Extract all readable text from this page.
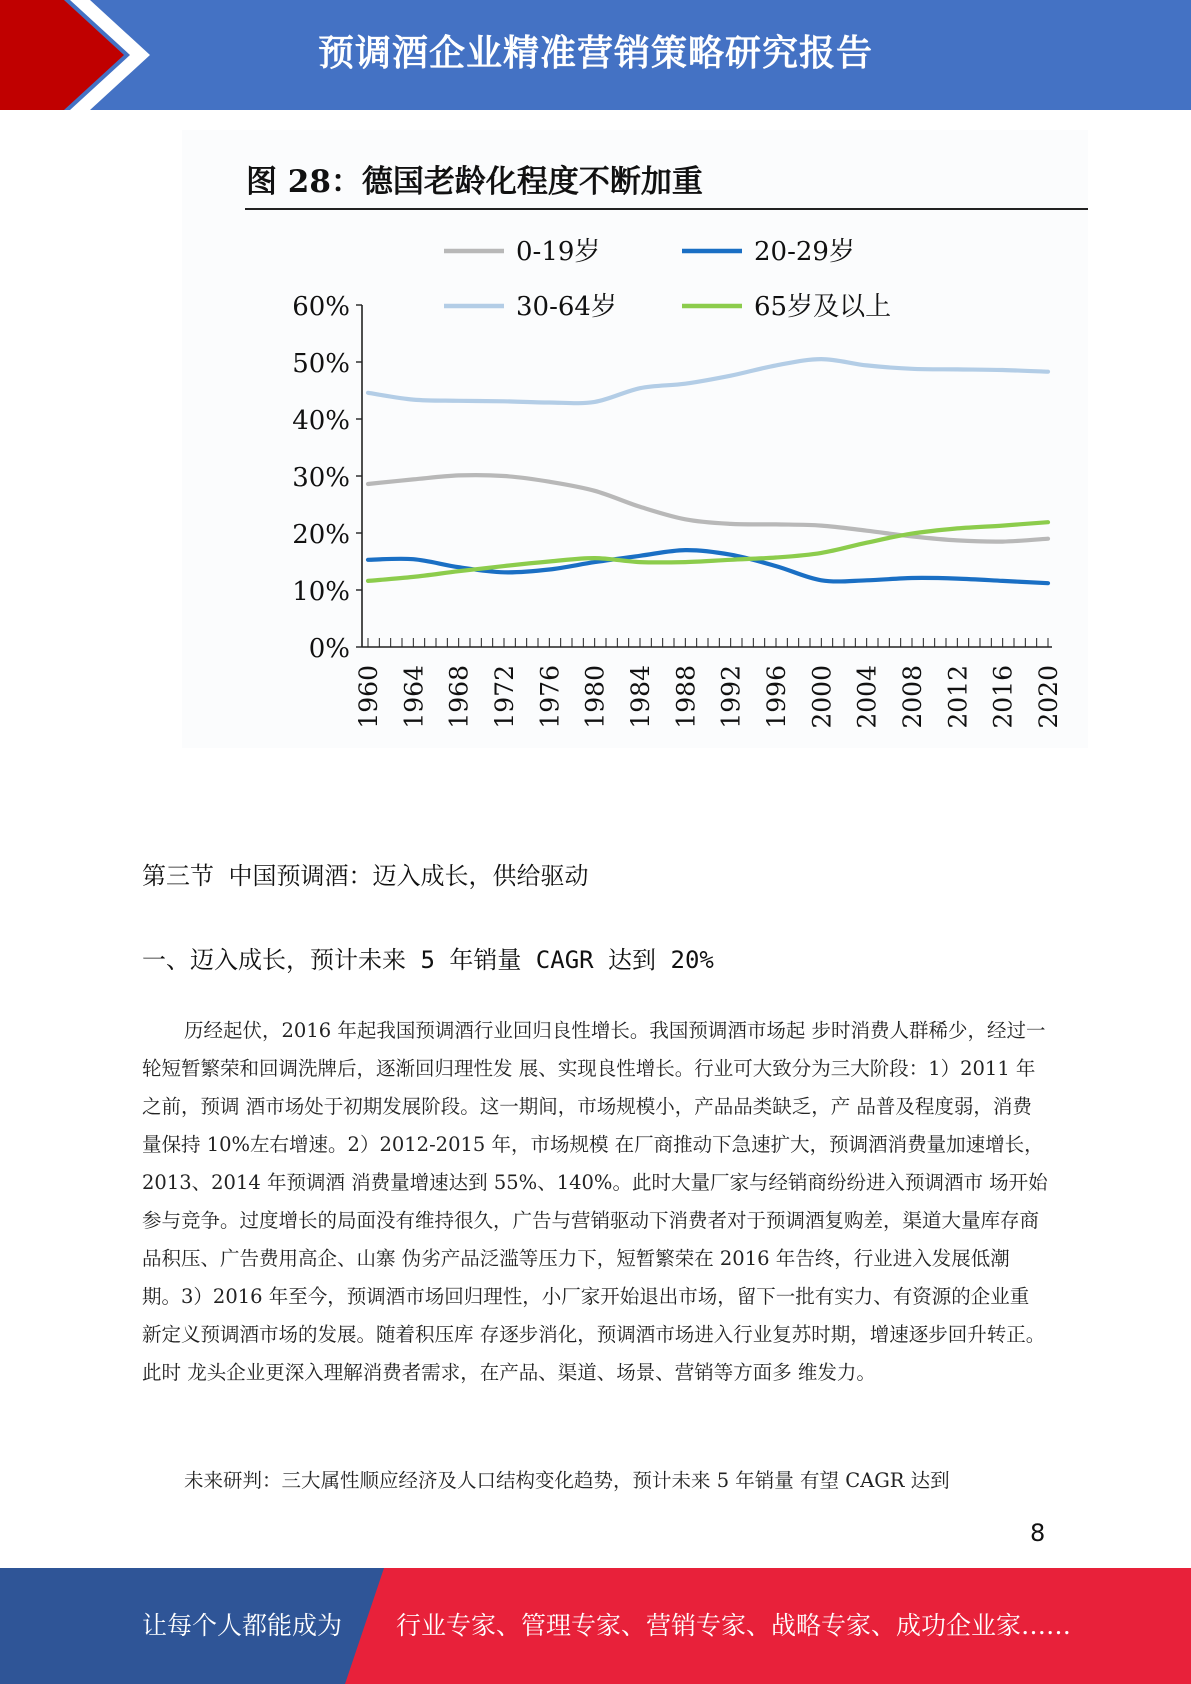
预调酒企业精准营销策略研究报告
图 28：德国老龄化程度不断加重
60%
50%
40%
30%
20%
10%
0%
1960 1964 1968 1972 1976 1980 1984 1988 1992 1996 2000 2004 2008 2012 2016 2020
0-19岁	20-29岁
30-64岁	65岁及以上
第三节 中国预调酒：迈入成长，供给驱动
一、迈入成长，预计未来 5 年销量 CAGR 达到 20%

历经起伏，2016 年起我国预调酒行业回归良性增长。我国预调酒市场起 步时消费人群稀少，经过一轮短暂繁荣和回调洗牌后，逐渐回归理性发 展、实现良性增长。行业可大致分为三大阶段：1）2011 年之前，预调 酒市场处于初期发展阶段。这一期间，市场规模小，产品品类缺乏，产 品普及程度弱，消费量保持 10%左右增速。2）2012-2015 年，市场规模 在厂商推动下急速扩大，预调酒消费量加速增长，2013、2014 年预调酒 消费量增速达到 55%、140%。此时大量厂家与经销商纷纷进入预调酒市 场开始参与竞争。过度增长的局面没有维持很久，广告与营销驱动下消费者对于预调酒复购差，渠道大量库存商品积压、广告费用高企、山寨 伪劣产品泛滥等压力下，短暂繁荣在 2016 年告终，行业进入发展低潮 期。3）2016 年至今，预调酒市场回归理性，小厂家开始退出市场，留下一批有实力、有资源的企业重新定义预调酒市场的发展。随着积压库 存逐步消化，预调酒市场进入行业复苏时期，增速逐步回升转正。此时 龙头企业更深入理解消费者需求，在产品、渠道、场景、营销等方面多 维发力。

未来研判：三大属性顺应经济及人口结构变化趋势，预计未来 5 年销量 有望 CAGR 达到

8
让每个人都能成为 行业专家、管理专家、营销专家、战略专家、成功企业家……
